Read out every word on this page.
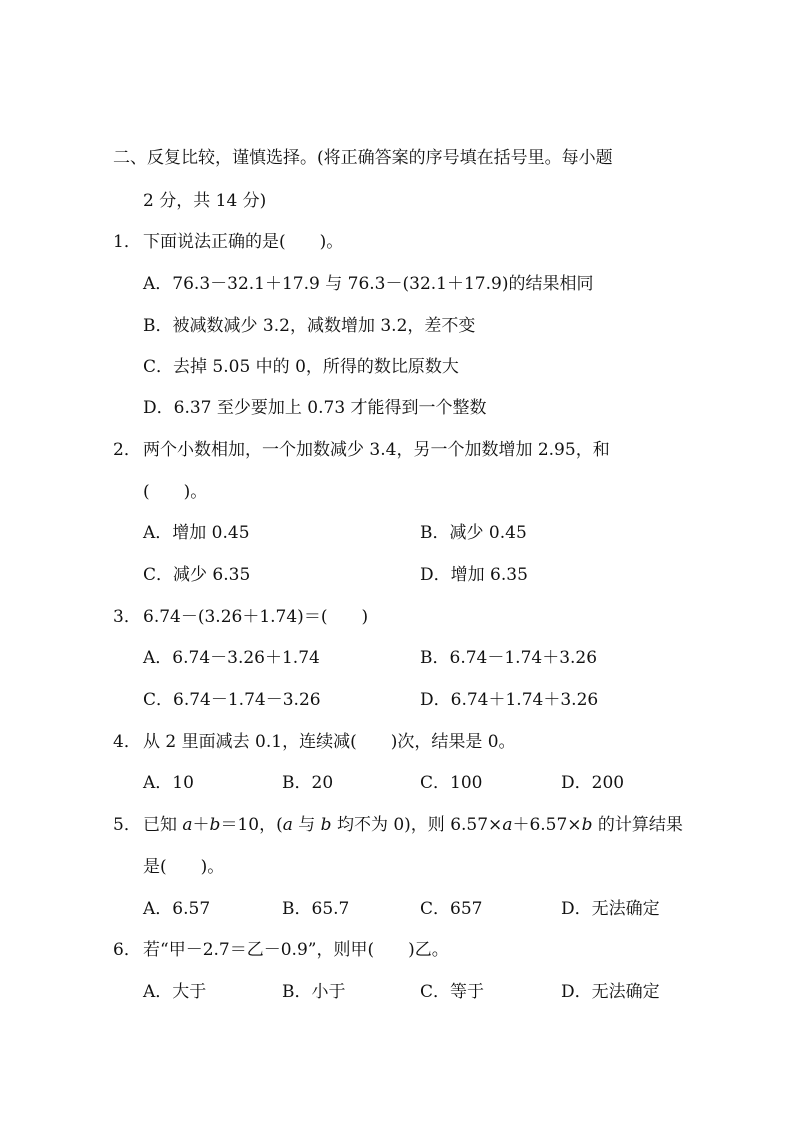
二、反复比较，谨慎选择。(将正确答案的序号填在括号里。每小题
2 分，共 14 分)
1． 下面说法正确的是(　　)。
A．76.3－32.1＋17.9 与 76.3－(32.1＋17.9)的结果相同
B．被减数减少 3.2，减数增加 3.2，差不变
C．去掉 5.05 中的 0，所得的数比原数大
D．6.37 至少要加上 0.73 才能得到一个整数
2． 两个小数相加，一个加数减少 3.4，另一个加数增加 2.95，和
(　　)。
A．增加 0.45	B．减少 0.45
C．减少 6.35	D．增加 6.35
3． 6.74－(3.26＋1.74)＝(　　)
A．6.74－3.26＋1.74	B．6.74－1.74＋3.26
C．6.74－1.74－3.26	D．6.74＋1.74＋3.26
4． 从 2 里面减去 0.1，连续减(　　)次，结果是 0。
A．10	B．20	C．100	D．200
5． 已知 a＋b＝10，(a 与 b 均不为 0)，则 6.57×a＋6.57×b 的计算结果
是(　　)。
A．6.57	B．65.7	C．657	D．无法确定
6． 若“甲－2.7＝乙－0.9”，则甲(　　)乙。
A．大于	B．小于	C．等于	D．无法确定
